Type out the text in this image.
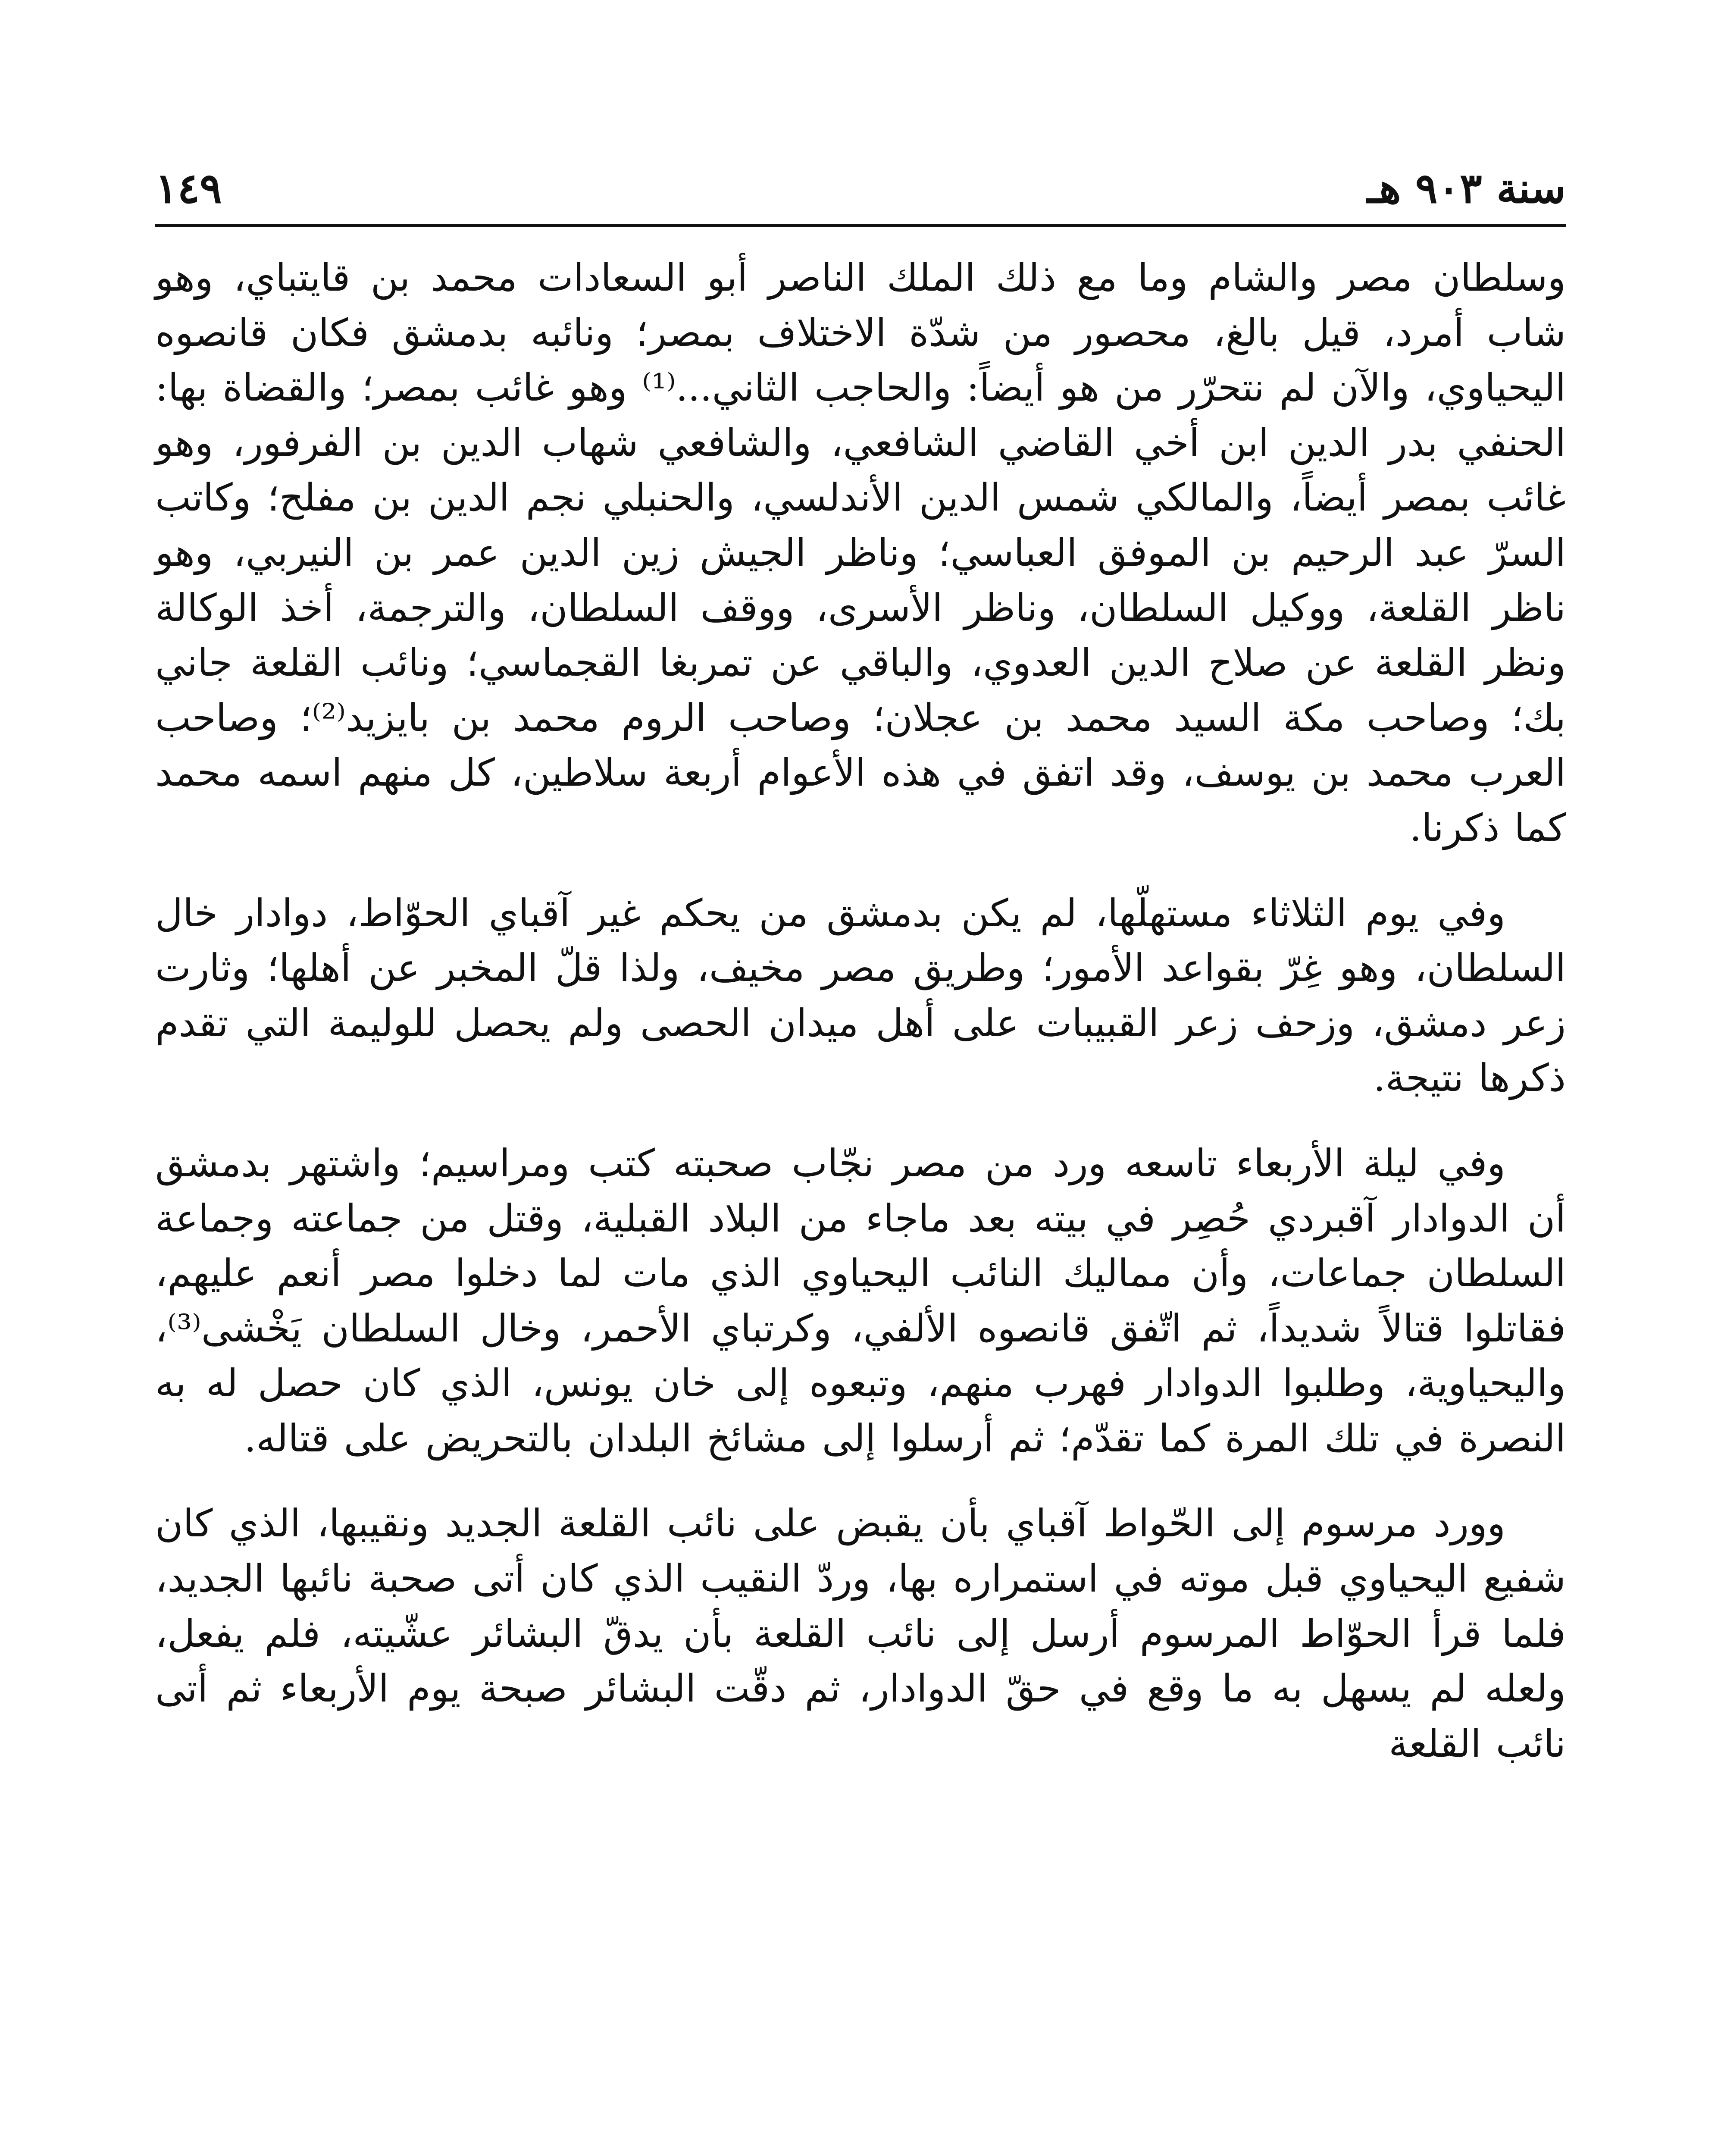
١٤٩	سنة ٩٠٣ هـ

وسلطان مصر والشام وما مع ذلك الملك الناصر أبو السعادات محمد بن قايتباي، وهو شاب أمرد، قيل بالغ، محصور من شدّة الاختلاف بمصر؛ ونائبه بدمشق فكان قانصوه اليحياوي، والآن لم نتحرّر من هو أيضاً: والحاجب الثاني...⁽¹⁾ وهو غائب بمصر؛ والقضاة بها: الحنفي بدر الدين ابن أخي القاضي الشافعي، والشافعي شهاب الدين بن الفرفور، وهو غائب بمصر أيضاً، والمالكي شمس الدين الأندلسي، والحنبلي نجم الدين بن مفلح؛ وكاتب السرّ عبد الرحيم بن الموفق العباسي؛ وناظر الجيش زين الدين عمر بن النيربي، وهو ناظر القلعة، ووكيل السلطان، وناظر الأسرى، ووقف السلطان، والترجمة، أخذ الوكالة ونظر القلعة عن صلاح الدين العدوي، والباقي عن تمربغا القجماسي؛ ونائب القلعة جاني بك؛ وصاحب مكة السيد محمد بن عجلان؛ وصاحب الروم محمد بن بايزيد⁽²⁾؛ وصاحب العرب محمد بن يوسف، وقد اتفق في هذه الأعوام أربعة سلاطين، كل منهم اسمه محمد كما ذكرنا.

وفي يوم الثلاثاء مستهلّها، لم يكن بدمشق من يحكم غير آقباي الحوّاط، دوادار خال السلطان، وهو غِرّ بقواعد الأمور؛ وطريق مصر مخيف، ولذا قلّ المخبر عن أهلها؛ وثارت زعر دمشق، وزحف زعر القبيبات على أهل ميدان الحصى ولم يحصل للوليمة التي تقدم ذكرها نتيجة.

وفي ليلة الأربعاء تاسعه ورد من مصر نجّاب صحبته كتب ومراسيم؛ واشتهر بدمشق أن الدوادار آقبردي حُصِر في بيته بعد ماجاء من البلاد القبلية، وقتل من جماعته وجماعة السلطان جماعات، وأن مماليك النائب اليحياوي الذي مات لما دخلوا مصر أنعم عليهم، فقاتلوا قتالاً شديداً، ثم اتّفق قانصوه الألفي، وكرتباي الأحمر، وخال السلطان يَخْشى⁽³⁾، واليحياوية، وطلبوا الدوادار فهرب منهم، وتبعوه إلى خان يونس، الذي كان حصل له به النصرة في تلك المرة كما تقدّم؛ ثم أرسلوا إلى مشائخ البلدان بالتحريض على قتاله.

وورد مرسوم إلى الحّواط آقباي بأن يقبض على نائب القلعة الجديد ونقيبها، الذي كان شفيع اليحياوي قبل موته في استمراره بها، وردّ النقيب الذي كان أتى صحبة نائبها الجديد، فلما قرأ الحوّاط المرسوم أرسل إلى نائب القلعة بأن يدقّ البشائر عشّيته، فلم يفعل، ولعله لم يسهل به ما وقع في حقّ الدوادار، ثم دقّت البشائر صبحة يوم الأربعاء ثم أتى نائب القلعة
